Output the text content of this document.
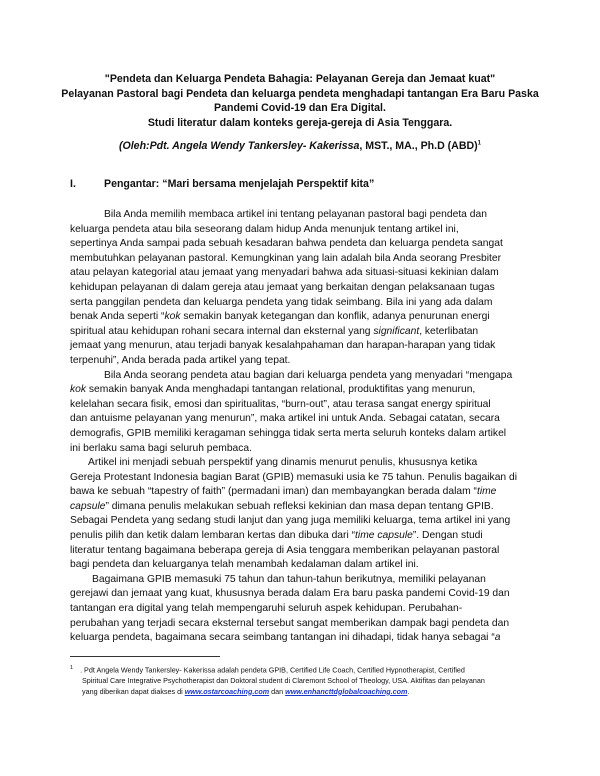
"Pendeta dan Keluarga Pendeta Bahagia: Pelayanan Gereja dan Jemaat kuat"
Pelayanan Pastoral bagi Pendeta dan keluarga pendeta menghadapi tantangan Era Baru Paska
Pandemi Covid-19 dan Era Digital.
Studi literatur dalam konteks gereja-gereja di Asia Tenggara.
(Oleh:Pdt. Angela Wendy Tankersley- Kakerissa, MST., MA., Ph.D (ABD)$^1$
I.	Pengantar: “Mari bersama menjelajah Perspektif kita”
Bila Anda memilih membaca artikel ini tentang pelayanan pastoral bagi pendeta dan
keluarga pendeta atau bila seseorang dalam hidup Anda menunjuk tentang artikel ini,
sepertinya Anda sampai pada sebuah kesadaran bahwa pendeta dan keluarga pendeta sangat
membutuhkan pelayanan pastoral. Kemungkinan yang lain adalah bila Anda seorang Presbiter
atau pelayan kategorial atau jemaat yang menyadari bahwa ada situasi-situasi kekinian dalam
kehidupan pelayanan di dalam gereja atau jemaat yang berkaitan dengan pelaksanaan tugas
serta panggilan pendeta dan keluarga pendeta yang tidak seimbang. Bila ini yang ada dalam
benak Anda seperti “kok semakin banyak ketegangan dan konflik, adanya penurunan energi
spiritual atau kehidupan rohani secara internal dan eksternal yang significant, keterlibatan
jemaat yang menurun, atau terjadi banyak kesalahpahaman dan harapan-harapan yang tidak
terpenuhi”, Anda berada pada artikel yang tepat.
Bila Anda seorang pendeta atau bagian dari keluarga pendeta yang menyadari “mengapa
kok semakin banyak Anda menghadapi tantangan relational, produktifitas yang menurun,
kelelahan secara fisik, emosi dan spiritualitas, “burn-out”, atau terasa sangat energy spiritual
dan antuisme pelayanan yang menurun”, maka artikel ini untuk Anda. Sebagai catatan, secara
demografis, GPIB memiliki keragaman sehingga tidak serta merta seluruh konteks dalam artikel
ini berlaku sama bagi seluruh pembaca.
Artikel ini menjadi sebuah perspektif yang dinamis menurut penulis, khususnya ketika
Gereja Protestant Indonesia bagian Barat (GPIB) memasuki usia ke 75 tahun. Penulis bagaikan di
bawa ke sebuah “tapestry of faith” (permadani iman) dan membayangkan berada dalam “time
capsule” dimana penulis melakukan sebuah refleksi kekinian dan masa depan tentang GPIB.
Sebagai Pendeta yang sedang studi lanjut dan yang juga memiliki keluarga, tema artikel ini yang
penulis pilih dan ketik dalam lembaran kertas dan dibuka dari “time capsule”. Dengan studi
literatur tentang bagaimana beberapa gereja di Asia tenggara memberikan pelayanan pastoral
bagi pendeta dan keluarganya telah menambah kedalaman dalam artikel ini.
Bagaimana GPIB memasuki 75 tahun dan tahun-tahun berikutnya, memiliki pelayanan
gerejawi dan jemaat yang kuat, khususnya berada dalam Era baru paska pandemi Covid-19 dan
tantangan era digital yang telah mempengaruhi seluruh aspek kehidupan. Perubahan-
perubahan yang terjadi secara eksternal tersebut sangat memberikan dampak bagi pendeta dan
keluarga pendeta, bagaimana secara seimbang tantangan ini dihadapi, tidak hanya sebagai “a
$^1$ . Pdt Angela Wendy Tankersley- Kakerissa adalah pendeta GPIB, Certified Life Coach, Certified Hypnotherapist, Certified
Spiritual Care Integrative Psychotherapist dan Doktoral student di Claremont School of Theology, USA. Aktifitas dan pelayanan
yang diberikan dapat diakses di www.ostarcoaching.com dan www.enhancttdglobalcoaching.com.
